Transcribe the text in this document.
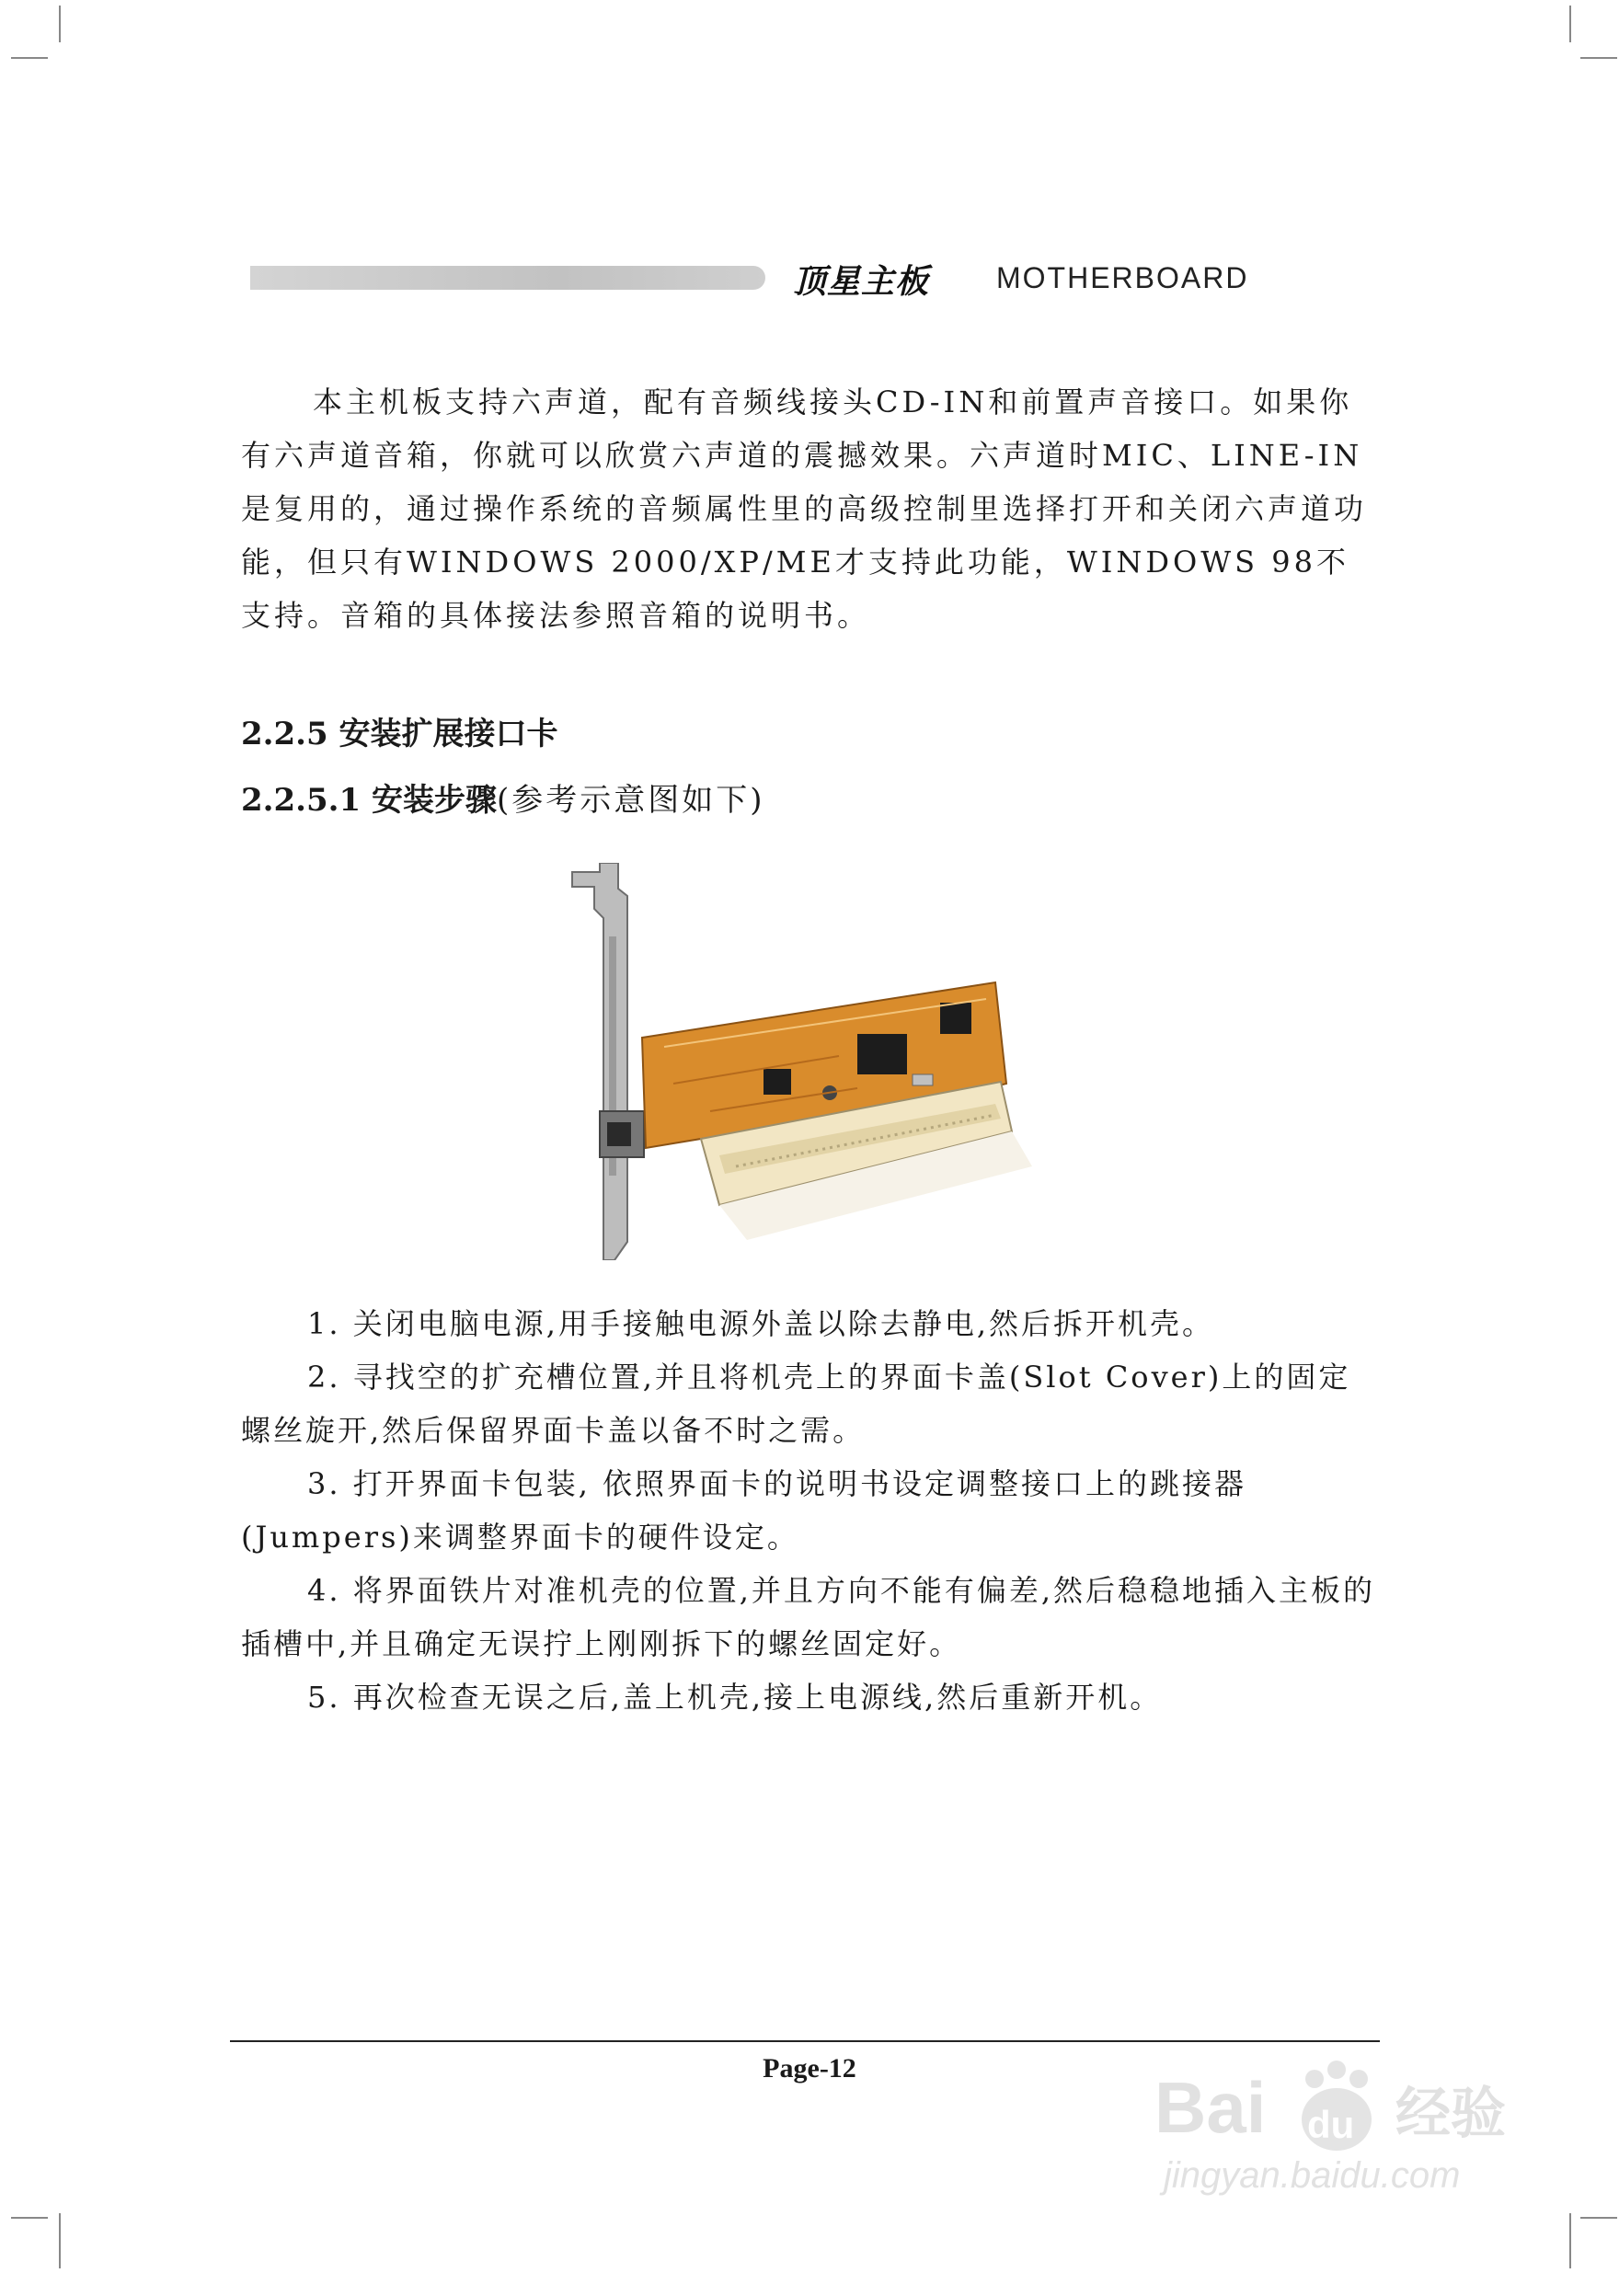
顶星主板 MOTHERBOARD

本主机板支持六声道，配有音频线接头CD-IN和前置声音接口。如果你有六声道音箱，你就可以欣赏六声道的震撼效果。六声道时MIC、LINE-IN是复用的，通过操作系统的音频属性里的高级控制里选择打开和关闭六声道功能，但只有WINDOWS 2000/XP/ME才支持此功能，WINDOWS 98不支持。音箱的具体接法参照音箱的说明书。

2.2.5 安装扩展接口卡
2.2.5.1 安装步骤(参考示意图如下)
1. 关闭电脑电源,用手接触电源外盖以除去静电,然后拆开机壳。
2. 寻找空的扩充槽位置,并且将机壳上的界面卡盖(Slot Cover)上的固定螺丝旋开,然后保留界面卡盖以备不时之需。
3. 打开界面卡包装, 依照界面卡的说明书设定调整接口上的跳接器(Jumpers)来调整界面卡的硬件设定。
4. 将界面铁片对准机壳的位置,并且方向不能有偏差,然后稳稳地插入主板的插槽中,并且确定无误拧上刚刚拆下的螺丝固定好。
5. 再次检查无误之后,盖上机壳,接上电源线,然后重新开机。
Page-12	Bai du 经验
jingyan.baidu.com
